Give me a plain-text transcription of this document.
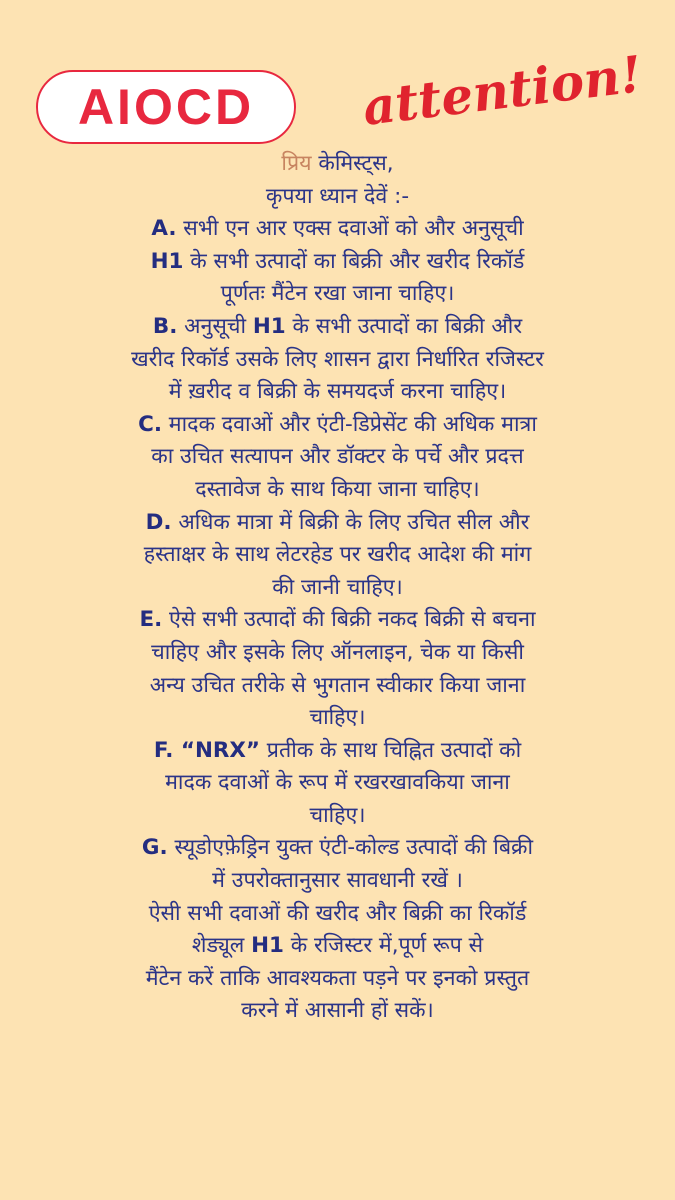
AIOCD attention!
प्रिय केमिस्ट्स,
कृपया ध्यान देवें :-
A. सभी एन आर एक्स दवाओं को और अनुसूची
H1 के सभी उत्पादों का बिक्री और खरीद रिकॉर्ड
पूर्णतः मैंटेन रखा जाना चाहिए।
B. अनुसूची H1 के सभी उत्पादों का बिक्री और
खरीद रिकॉर्ड उसके लिए शासन द्वारा निर्धारित रजिस्टर
में ख़रीद व बिक्री के समयदर्ज करना चाहिए।
C. मादक दवाओं और एंटी-डिप्रेसेंट की अधिक मात्रा
का उचित सत्यापन और डॉक्टर के पर्चे और प्रदत्त
दस्तावेज के साथ किया जाना चाहिए।
D. अधिक मात्रा में बिक्री के लिए उचित सील और
हस्ताक्षर के साथ लेटरहेड पर खरीद आदेश की मांग
की जानी चाहिए।
E. ऐसे सभी उत्पादों की बिक्री नकद बिक्री से बचना
चाहिए और इसके लिए ऑनलाइन, चेक या किसी
अन्य उचित तरीके से भुगतान स्वीकार किया जाना
चाहिए।
F. “NRX” प्रतीक के साथ चिह्नित उत्पादों को
मादक दवाओं के रूप में रखरखावकिया जाना
चाहिए।
G. स्यूडोएफ़ेड्रिन युक्त एंटी-कोल्ड उत्पादों की बिक्री
में उपरोक्तानुसार सावधानी रखें ।
ऐसी सभी दवाओं की खरीद और बिक्री का रिकॉर्ड
शेड्यूल H1 के रजिस्टर में,पूर्ण रूप से
मैंटेन करें ताकि आवश्यकता पड़ने पर इनको प्रस्तुत
करने में आसानी हों सकें।
